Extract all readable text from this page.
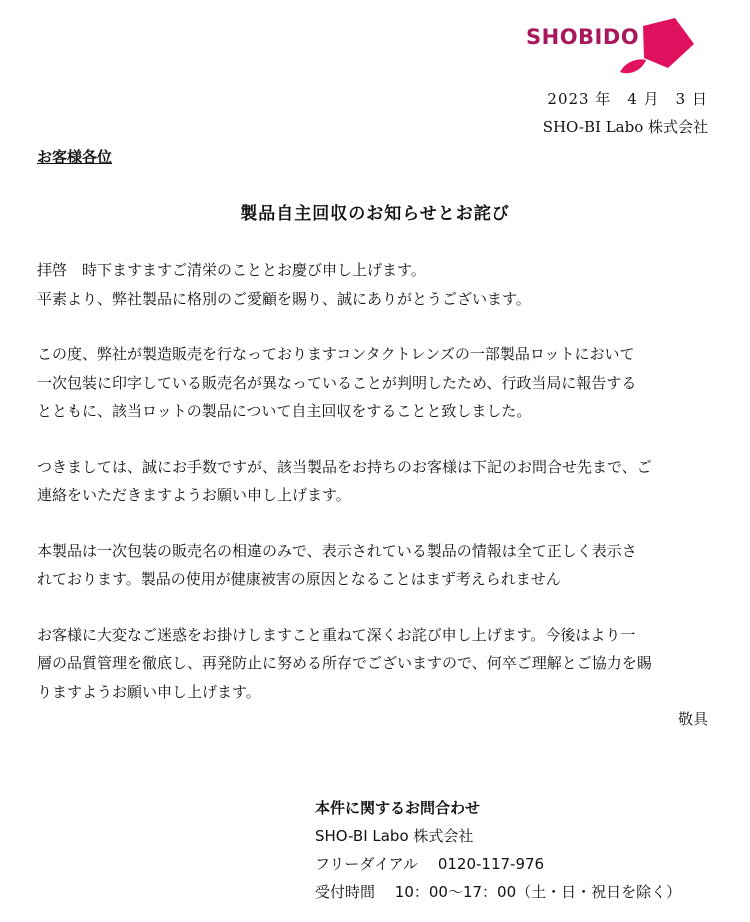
SHOBIDO
2023 年　4 月　3 日
SHO-BI Labo 株式会社
お客様各位
製品自主回収のお知らせとお詫び

拝啓　時下ますますご清栄のこととお慶び申し上げます。
平素より、弊社製品に格別のご愛顧を賜り、誠にありがとうございます。

この度、弊社が製造販売を行なっておりますコンタクトレンズの一部製品ロットにおいて
一次包装に印字している販売名が異なっていることが判明したため、行政当局に報告する
とともに、該当ロットの製品について自主回収をすることと致しました。

つきましては、誠にお手数ですが、該当製品をお持ちのお客様は下記のお問合せ先まで、ご
連絡をいただきますようお願い申し上げます。

本製品は一次包装の販売名の相違のみで、表示されている製品の情報は全て正しく表示さ
れております。製品の使用が健康被害の原因となることはまず考えられません

お客様に大変なご迷惑をお掛けしますこと重ねて深くお詫び申し上げます。今後はより一
層の品質管理を徹底し、再発防止に努める所存でございますので、何卒ご理解とご協力を賜
りますようお願い申し上げます。

敬具
本件に関するお問合わせ
SHO-BI Labo 株式会社
フリーダイアル　 0120-117-976
受付時間　 10：00～17：00（土・日・祝日を除く）
